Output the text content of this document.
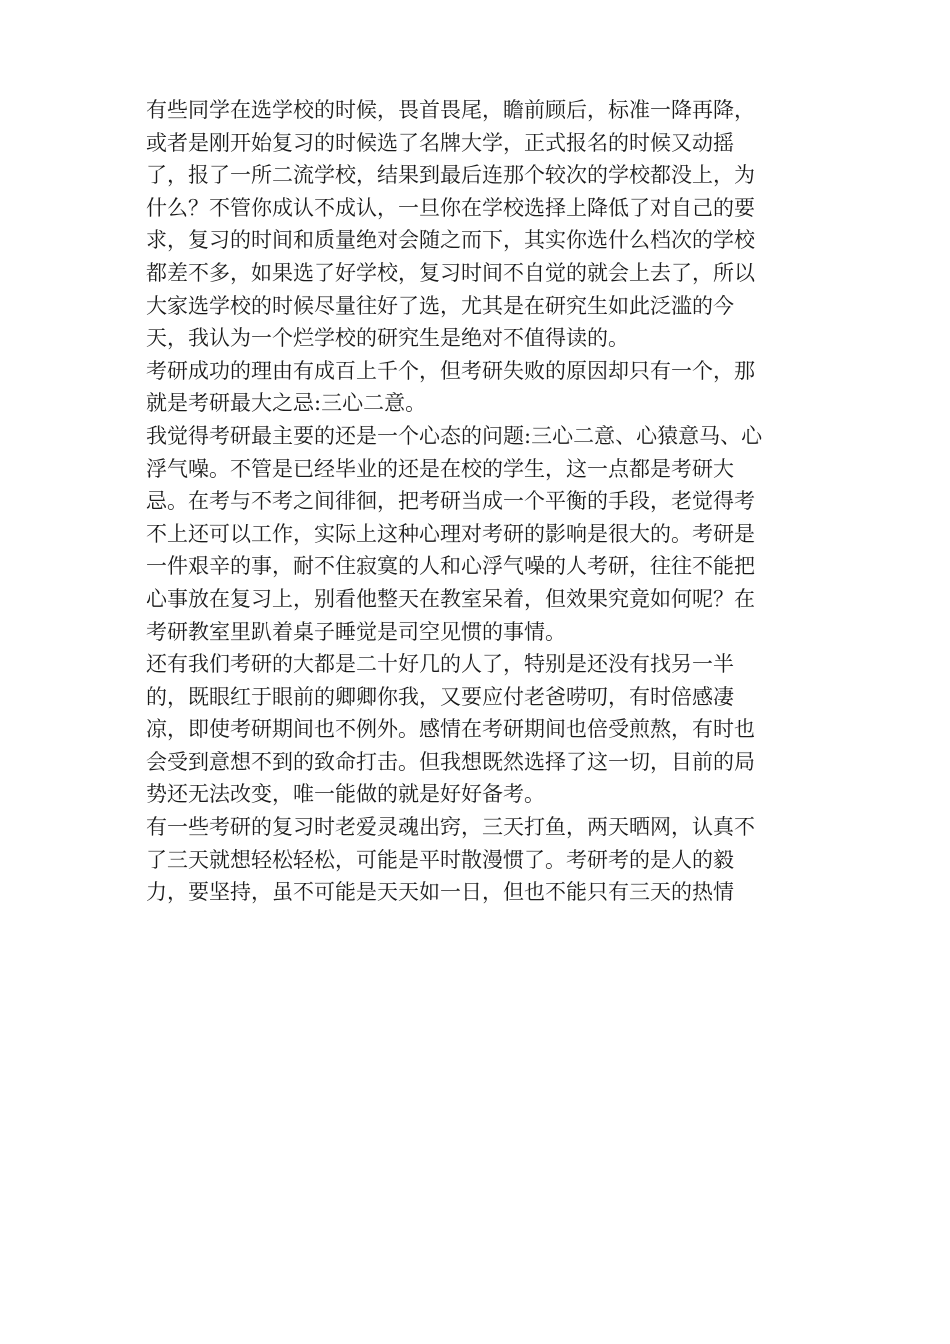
有些同学在选学校的时候，畏首畏尾，瞻前顾后，标准一降再降，
或者是刚开始复习的时候选了名牌大学，正式报名的时候又动摇
了，报了一所二流学校，结果到最后连那个较次的学校都没上，为
什么？不管你成认不成认，一旦你在学校选择上降低了对自己的要
求，复习的时间和质量绝对会随之而下，其实你选什么档次的学校
都差不多，如果选了好学校，复习时间不自觉的就会上去了，所以
大家选学校的时候尽量往好了选，尤其是在研究生如此泛滥的今
天，我认为一个烂学校的研究生是绝对不值得读的。
考研成功的理由有成百上千个，但考研失败的原因却只有一个，那
就是考研最大之忌:三心二意。
我觉得考研最主要的还是一个心态的问题:三心二意、心猿意马、心
浮气噪。不管是已经毕业的还是在校的学生，这一点都是考研大
忌。在考与不考之间徘徊，把考研当成一个平衡的手段，老觉得考
不上还可以工作，实际上这种心理对考研的影响是很大的。考研是
一件艰辛的事，耐不住寂寞的人和心浮气噪的人考研，往往不能把
心事放在复习上，别看他整天在教室呆着，但效果究竟如何呢？在
考研教室里趴着桌子睡觉是司空见惯的事情。
还有我们考研的大都是二十好几的人了，特别是还没有找另一半
的，既眼红于眼前的卿卿你我，又要应付老爸唠叨，有时倍感凄
凉，即使考研期间也不例外。感情在考研期间也倍受煎熬，有时也
会受到意想不到的致命打击。但我想既然选择了这一切，目前的局
势还无法改变，唯一能做的就是好好备考。
有一些考研的复习时老爱灵魂出窍，三天打鱼，两天晒网，认真不
了三天就想轻松轻松，可能是平时散漫惯了。考研考的是人的毅
力，要坚持，虽不可能是天天如一日，但也不能只有三天的热情
